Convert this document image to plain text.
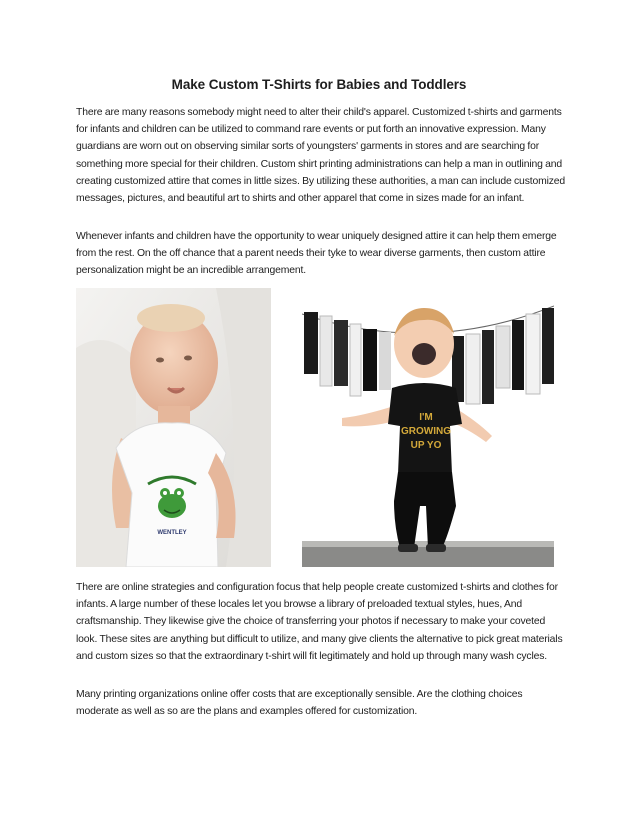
Make Custom T-Shirts for Babies and Toddlers

There are many reasons somebody might need to alter their child's apparel. Customized t-shirts and garments for infants and children can be utilized to command rare events or put forth an innovative expression. Many guardians are worn out on observing similar sorts of youngsters' garments in stores and are searching for something more special for their children. Custom shirt printing administrations can help a man in outlining and creating customized attire that comes in little sizes. By utilizing these authorities, a man can include customized messages, pictures, and beautiful art to shirts and other apparel that come in sizes made for an infant.

Whenever infants and children have the opportunity to wear uniquely designed attire it can help them emerge from the rest. On the off chance that a parent needs their tyke to wear diverse garments, then custom attire personalization might be an incredible arrangement.

WENTLEY
I'M
GROWING
UP YO

There are online strategies and configuration focus that help people create customized t-shirts and clothes for infants. A large number of these locales let you browse a library of preloaded textual styles, hues, And craftsmanship. They likewise give the choice of transferring your photos if necessary to make your coveted look. These sites are anything but difficult to utilize, and many give clients the alternative to pick great materials and custom sizes so that the extraordinary t-shirt will fit legitimately and hold up through many wash cycles.

Many printing organizations online offer costs that are exceptionally sensible. Are the clothing choices moderate as well as so are the plans and examples offered for customization.
